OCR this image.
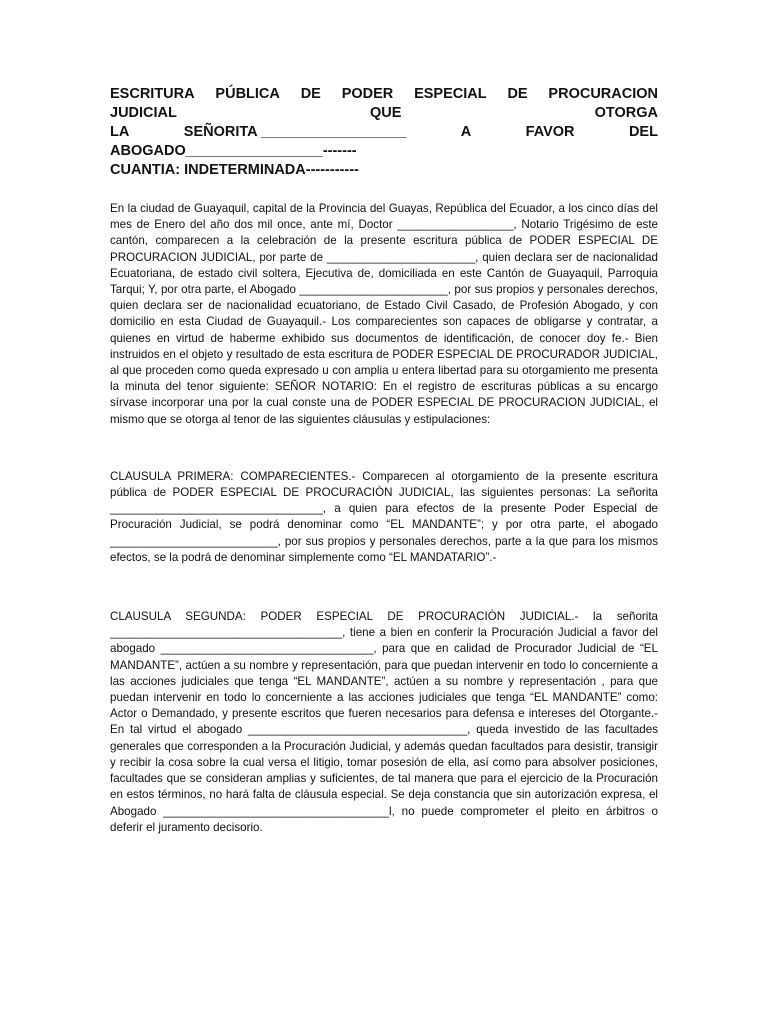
ESCRITURA PÚBLICA DE PODER ESPECIAL DE PROCURACION
JUDICIAL	QUE	OTORGA
LA	SEÑORITA __________________	A	FAVOR	DEL
ABOGADO_________________-------
CUANTIA: INDETERMINADA-----------

En la ciudad de Guayaquil, capital de la Provincia del Guayas, República del Ecuador, a los cinco días del mes de Enero del año dos mil once, ante mí, Doctor __________________, Notario Trigésimo de este cantón, comparecen a la celebración de la presente escritura pública de PODER ESPECIAL DE PROCURACION JUDICIAL, por parte de _______________________, quien declara ser de nacionalidad Ecuatoriana, de estado civil soltera, Ejecutiva de, domiciliada en este Cantón de Guayaquil, Parroquia Tarqui; Y, por otra parte, el Abogado _______________________, por sus propios y personales derechos, quien declara ser de nacionalidad ecuatoriano, de Estado Civil Casado, de Profesión Abogado, y con domicilio en esta Ciudad de Guayaquil.- Los comparecientes son capaces de obligarse y contratar, a quienes en virtud de haberme exhibido sus documentos de identificación, de conocer doy fe.- Bien instruidos en el objeto y resultado de esta escritura de PODER ESPECIAL DE PROCURADOR JUDICIAL, al que proceden como queda expresado u con amplia u entera libertad para su otorgamiento me presenta la minuta del tenor siguiente: SEÑOR NOTARIO: En el registro de escrituras públicas a su encargo sírvase incorporar una por la cual conste una de PODER ESPECIAL DE PROCURACION JUDICIAL, el mismo que se otorga al tenor de las siguientes cláusulas y estipulaciones:

CLAUSULA PRIMERA: COMPARECIENTES.- Comparecen al otorgamiento de la presente escritura pública de PODER ESPECIAL DE PROCURACIÒN JUDICIAL, las siguientes personas: La señorita _________________________________, a quien para efectos de la presente Poder Especial de Procuración Judicial, se podrá denominar como “EL MANDANTE”; y por otra parte, el abogado __________________________, por sus propios y personales derechos, parte a la que para los mismos efectos, se la podrá de denominar simplemente como “EL MANDATARIO”.-

CLAUSULA SEGUNDA: PODER ESPECIAL DE PROCURACIÒN JUDICIAL.- la señorita ____________________________________, tiene a bien en conferir la Procuración Judicial a favor del abogado _________________________________, para que en calidad de Procurador Judicial de “EL MANDANTE”, actúen a su nombre y representación, para que puedan intervenir en todo lo concerniente a las acciones judiciales que tenga “EL MANDANTE”, actúen a su nombre y representación , para que puedan intervenir en todo lo concerniente a las acciones judiciales que tenga “EL MANDANTE” como: Actor o Demandado, y presente escritos que fueren necesarios para defensa e intereses del Otorgante.- En tal virtud el abogado __________________________________, queda investido de las facultades generales que corresponden a la Procuración Judicial, y además quedan facultados para desistir, transigir y recibir la cosa sobre la cual versa el litigio, tomar posesión de ella, así como para absolver posiciones, facultades que se consideran amplias y suficientes, de tal manera que para el ejercicio de la Procuración en estos términos, no hará falta de cláusula especial. Se deja constancia que sin autorización expresa, el Abogado ___________________________________l, no puede comprometer el pleito en árbitros o deferir el juramento decisorio.
